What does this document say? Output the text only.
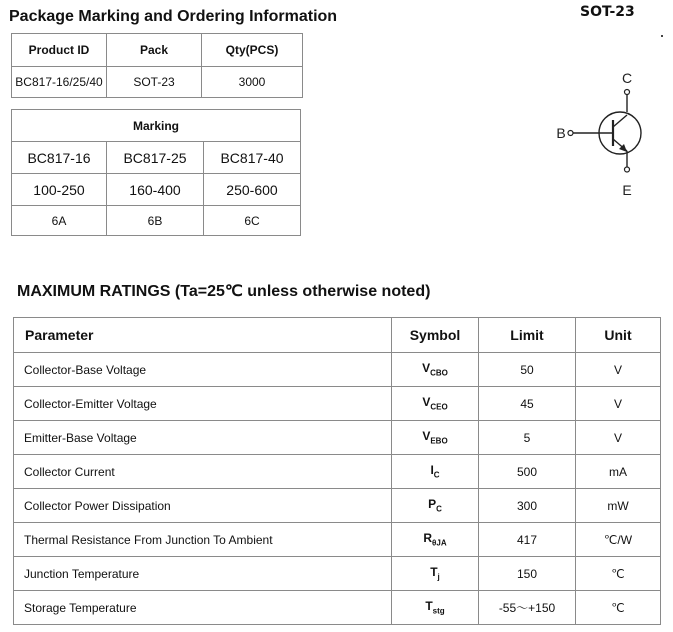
Package Marking and Ordering Information	SOT-23
Product ID	Pack	Qty(PCS)
BC817-16/25/40	SOT-23	3000
Marking		
BC817-16	BC817-25	BC817-40
100-250	160-400	250-600
6A	6B	6C
C
E
B
MAXIMUM RATINGS (Ta=25℃ unless otherwise noted)
Parameter	Symbol	Limit	Unit
Collector-Base Voltage	$V_{CBO}$	50	V
Collector-Emitter Voltage	$V_{CEO}$	45	V
Emitter-Base Voltage	$V_{EBO}$	5	V
Collector Current	$I_C$	500	mA
Collector Power Dissipation	$P_C$	300	mW
Thermal Resistance From Junction To Ambient	$R_{\theta JA}$	417	℃/W
Junction Temperature	$T_j$	150	℃
Storage Temperature	$T_{stg}$	-55～+150	℃
